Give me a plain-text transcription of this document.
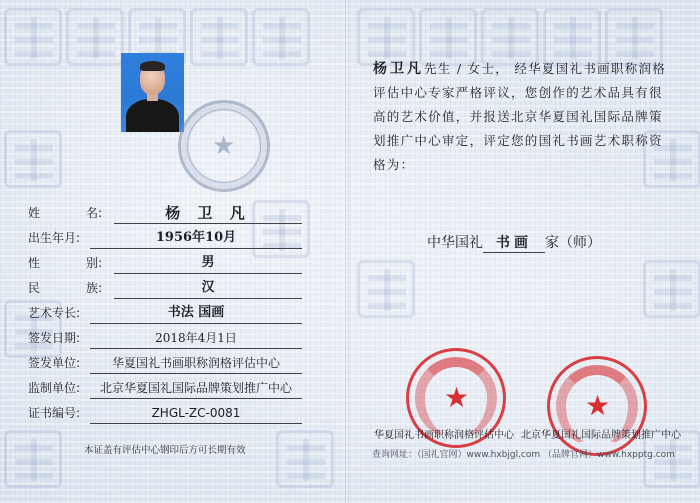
★
姓	名:	杨 卫 凡
出生年月:	1956年10月
性	别:	男
民	族:	汉
艺术专长:	书法 国画
签发日期:	2018年4月1日
签发单位:	华夏国礼书画职称润格评估中心
监制单位:	北京华夏国礼国际品牌策划推广中心
证书编号:	ZHGL-ZC-0081
本证盖有评估中心钢印后方可长期有效
杨卫凡先生 / 女士， 经华夏国礼书画职称润格评估中心专家严格评议，您创作的艺术品具有很高的艺术价值，并报送北京华夏国礼国际品牌策划推广中心审定，评定您的国礼书画艺术职称资格为：
中华国礼 书画 家（师）
★	★
华夏国礼书画职称润格评估中心 北京华夏国礼国际品牌策划推广中心
查询网址：（国礼官网）www.hxbjgl.com （品牌官网）www.hxpptg.com
